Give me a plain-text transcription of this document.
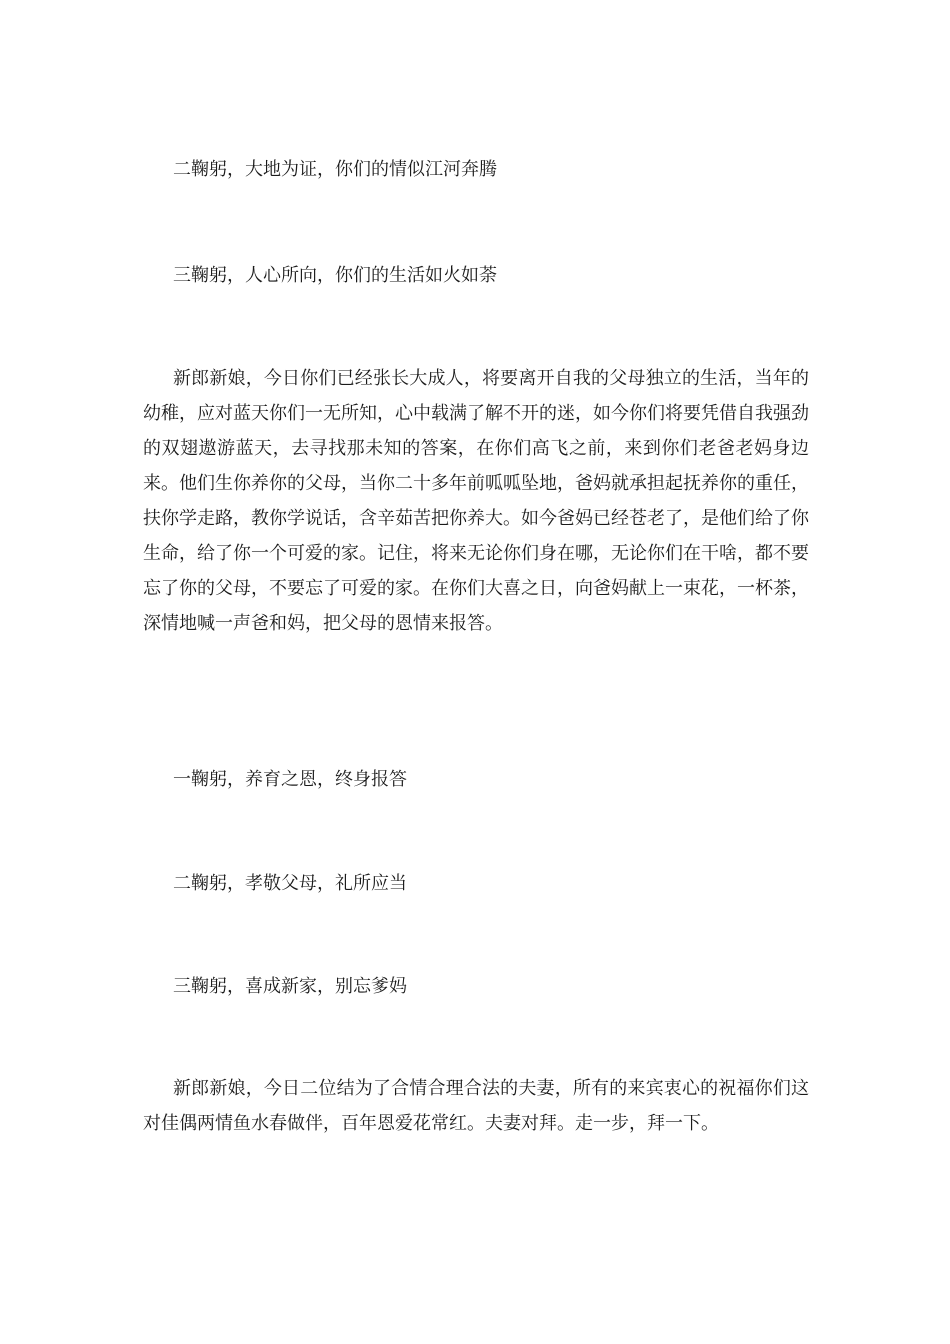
二鞠躬，大地为证，你们的情似江河奔腾
三鞠躬，人心所向，你们的生活如火如荼
新郎新娘，今日你们已经张长大成人，将要离开自我的父母独立的生活，当年的幼稚，应对蓝天你们一无所知，心中载满了解不开的迷，如今你们将要凭借自我强劲的双翅遨游蓝天，去寻找那未知的答案，在你们高飞之前，来到你们老爸老妈身边来。他们生你养你的父母，当你二十多年前呱呱坠地，爸妈就承担起抚养你的重任，扶你学走路，教你学说话，含辛茹苦把你养大。如今爸妈已经苍老了，是他们给了你生命，给了你一个可爱的家。记住，将来无论你们身在哪，无论你们在干啥，都不要忘了你的父母，不要忘了可爱的家。在你们大喜之日，向爸妈献上一束花，一杯茶，深情地喊一声爸和妈，把父母的恩情来报答。
一鞠躬，养育之恩，终身报答
二鞠躬，孝敬父母，礼所应当
三鞠躬，喜成新家，别忘爹妈
新郎新娘，今日二位结为了合情合理合法的夫妻，所有的来宾衷心的祝福你们这对佳偶两情鱼水春做伴，百年恩爱花常红。夫妻对拜。走一步，拜一下。
